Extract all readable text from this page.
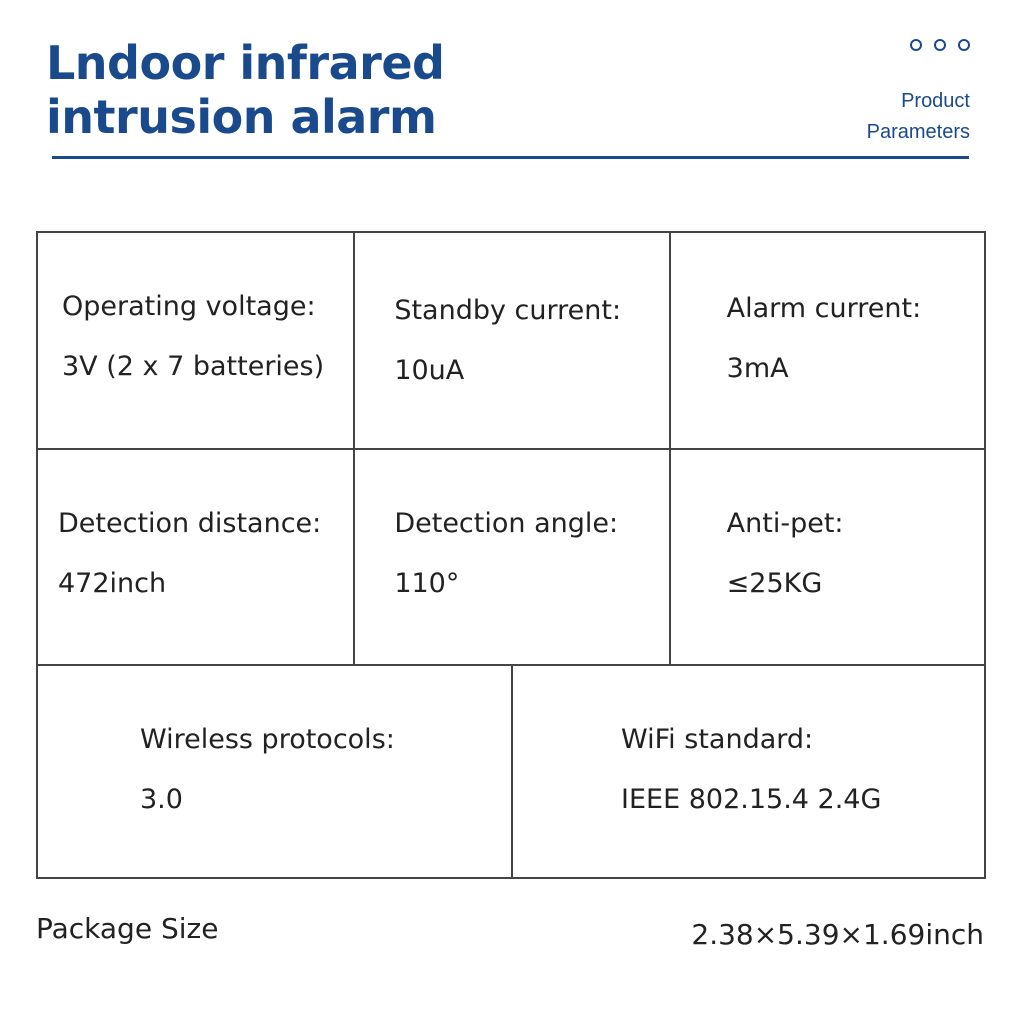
Lndoor infrared
intrusion alarm	Product
Parameters
Operating voltage:
3V (2 x 7 batteries)
Standby current:
10uA
Alarm current:
3mA
Detection distance:
472inch
Detection angle:
110°
Anti-pet:
≤25KG
Wireless protocols:
3.0
WiFi standard:
IEEE 802.15.4 2.4G
Package Size	2.38×5.39×1.69inch
